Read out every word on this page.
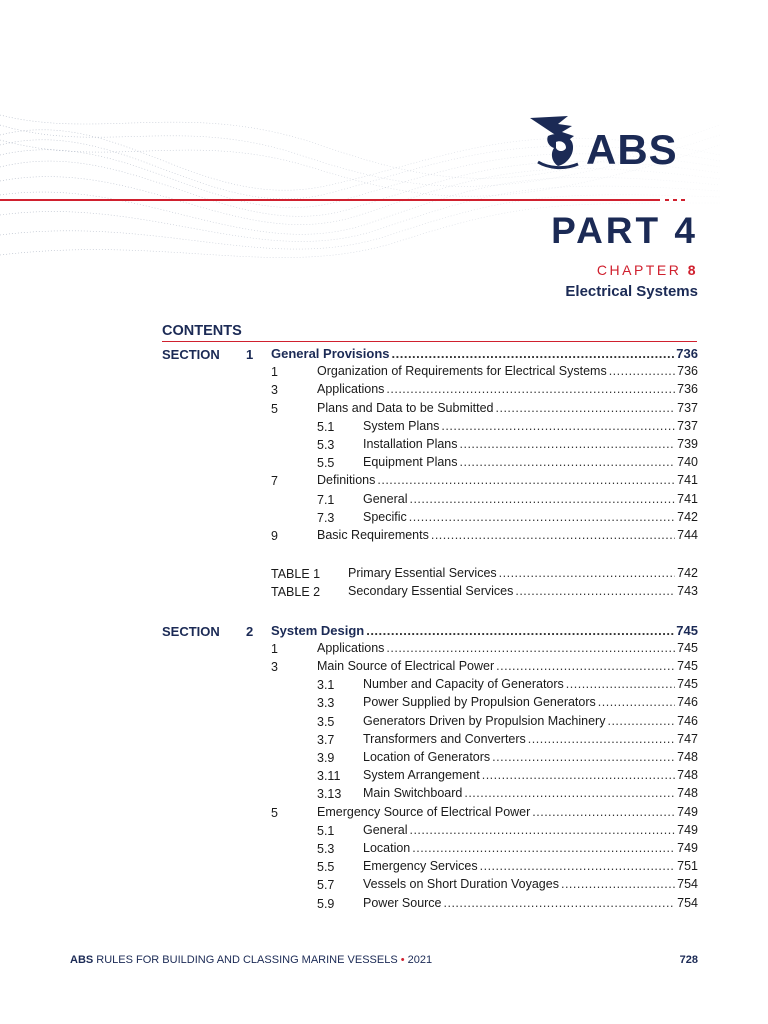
ABS
PART 4
CHAPTER 8
Electrical Systems
CONTENTS
SECTION 1 General Provisions .....	736
1	Organization of Requirements for Electrical Systems .....	736
3	Applications .....	736
5	Plans and Data to be Submitted .....	737
5.1 System Plans .....	737
5.3 Installation Plans .....	739
5.5 Equipment Plans .....	740
7	Definitions .....	741
7.1 General .....	741
7.3 Specific .....	742
9	Basic Requirements .....	744
TABLE 1 Primary Essential Services .....	742
TABLE 2 Secondary Essential Services .....	743
SECTION 2 System Design .....	745
1	Applications .....	745
3	Main Source of Electrical Power .....	745
3.1 Number and Capacity of Generators .....	745
3.3 Power Supplied by Propulsion Generators .....	746
3.5 Generators Driven by Propulsion Machinery .....	746
3.7 Transformers and Converters .....	747
3.9 Location of Generators .....	748
3.11 System Arrangement .....	748
3.13 Main Switchboard .....	748
5	Emergency Source of Electrical Power .....	749
5.1 General .....	749
5.3 Location .....	749
5.5 Emergency Services .....	751
5.7 Vessels on Short Duration Voyages .....	754
5.9 Power Source .....	754
ABS RULES FOR BUILDING AND CLASSING MARINE VESSELS • 2021	728
